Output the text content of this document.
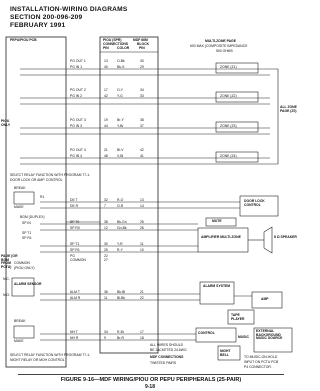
INSTALLATION-WIRING DIAGRAMS
SECTION 200-096-209
FEBRUARY 1991
PEPU/PIOU PCB
PIOU ONLY
PAGE (OR BGM FROM PCTU)
PIOU (SPR)
CONNECTIONS
MDF 66M
BLOCK
PIN COLOR	PIN
PG OUT 1	13	O-Bk	30
PG IN 1	40	Bk-S	29
PG OUT 2	17	O-Y	34
PG IN 2	42	Y-G	33
PG OUT 3	19	Br-Y	38
PG IN 3	44	Y-Br	37
PG OUT 4	21	Bl-V	42
PG IN 4	48	V-Bl	41
DE T	32	R-O	13
DE R	7	O-R	14
SP T0	38	Bk-Gn	25
SP R0	12	Gn-Bk	26
SP T1	30	Y-R	11
SP R1	25	R-Y	10
PG	22
COMMON	27
ALM T	36	Bk-Bl	21
ALM R	11	Bl-Bk	22
NH T	34	R-Br	17
NH R	9	Br-R	18
MDF CONNECTIONS
SELECT RELAY FUNCTION WITH PROGRAM 77-1.
DOOR LOCK OR AMP. CONTROL
BREAK
MAKE
R1
BGM (DUPLEX)
SP IN
SP T1
SP R1
COMMON
(PIOU ONLY)
N.C.
ALARM SENSOR
N.O.
BREAK
MAKE
SELECT RELAY FUNCTION WITH PROGRAM 77-1.
NIGHT RELAY OR MOH CONTROL
MULTI-ZONE PAGE
600 MAX (COMPOSITE IMPEDANCE
500 OHMS
ZONE (Z1)
ZONE (Z2)
ZONE (Z3)
ZONE (Z4)
ALL ZONE PAGE (Z0)
DOOR LOCK CONTROL
MUTE
AMPLIFIER MULTI-ZONE	8 Ω SPEAKER
ALARM SYSTEM
AMP
TAPE PLAYER
EXTERNAL BACKGROUND MUSIC SOURCE
CONTROL
MUSIC
NIGHT BELL
ALL WIRES SHOULD
BE JACKETED 24 AWG
TWISTED PAIRS
TO MUSIC-ON-HOLD
INPUT ON PCTU PCB
P4 CONNECTOR.
FIGURE 9-16—MDF WIRING/PIOU OR PEPU PERIPHERALS (25-PAIR)
9-18
